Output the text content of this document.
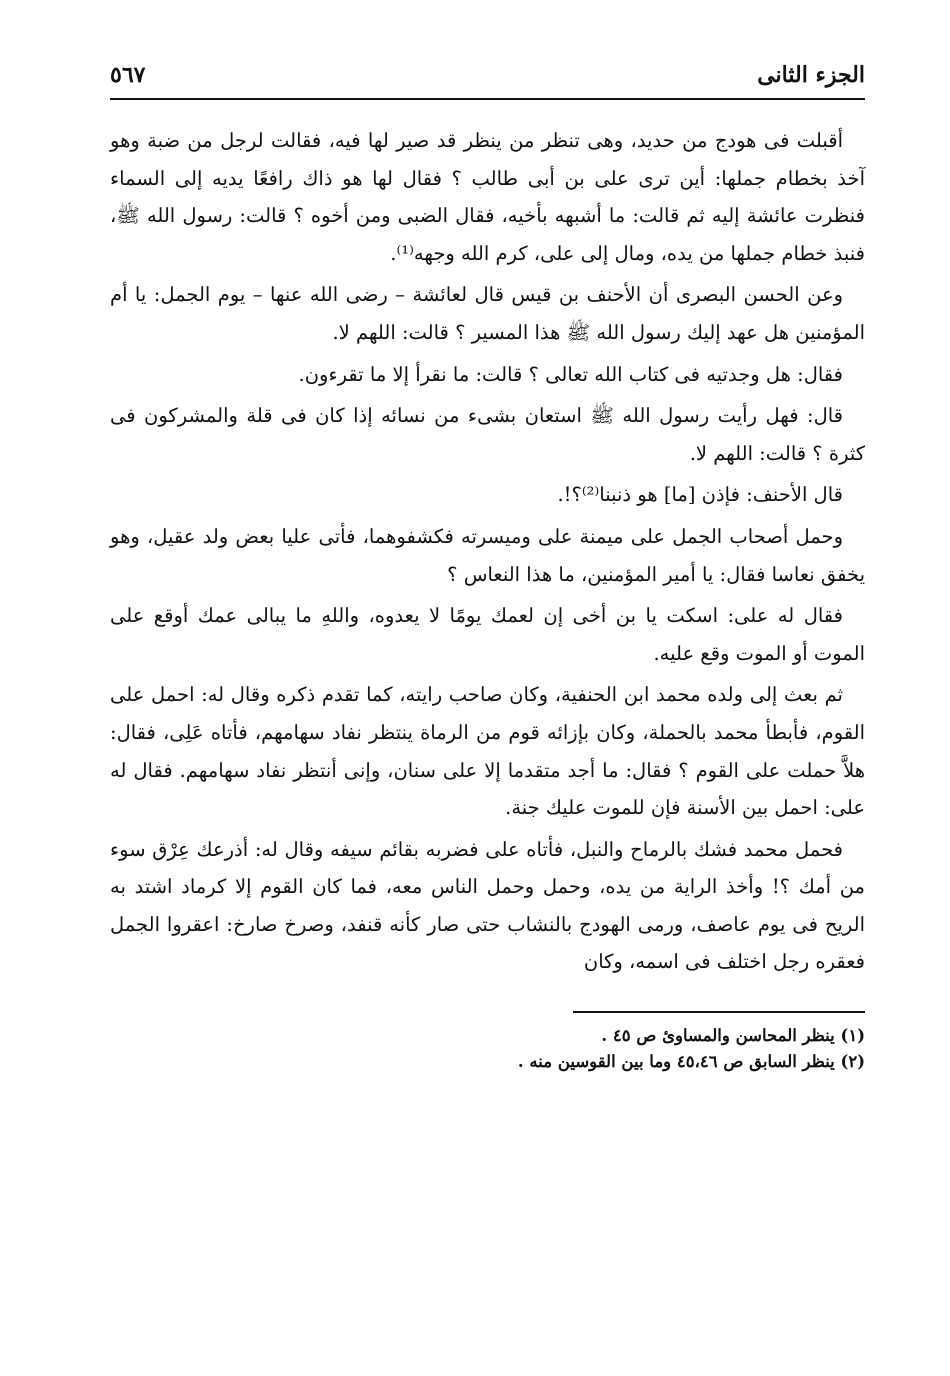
الجزء الثانى
٥٦٧

أقبلت فى هودج من حديد، وهى تنظر من ينظر قد صير لها فيه، فقالت لرجل من ضبة وهو آخذ بخطام جملها: أين ترى على بن أبى طالب ؟ فقال لها هو ذاك رافعًا يديه إلى السماء فنظرت عائشة إليه ثم قالت: ما أشبهه بأخيه، فقال الضبى ومن أخوه ؟ قالت: رسول الله ﷺ، فنبذ خطام جملها من يده، ومال إلى على، كرم الله وجهه⁽¹⁾.

وعن الحسن البصرى أن الأحنف بن قيس قال لعائشة – رضى الله عنها – يوم الجمل: يا أم المؤمنين هل عهد إليك رسول الله ﷺ هذا المسير ؟ قالت: اللهم لا.

فقال: هل وجدتيه فى كتاب الله تعالى ؟ قالت: ما نقرأ إلا ما تقرءون.

قال: فهل رأيت رسول الله ﷺ استعان بشىء من نسائه إذا كان فى قلة والمشركون فى كثرة ؟ قالت: اللهم لا.

قال الأحنف: فإذن [ما] هو ذنبنا⁽²⁾؟!.

وحمل أصحاب الجمل على ميمنة على وميسرته فكشفوهما، فأتى عليا بعض ولد عقيل، وهو يخفق نعاسا فقال: يا أمير المؤمنين، ما هذا النعاس ؟

فقال له على: اسكت يا بن أخى إن لعمك يومًا لا يعدوه، واللهِ ما يبالى عمك أوقع على الموت أو الموت وقع عليه.

ثم بعث إلى ولده محمد ابن الحنفية، وكان صاحب رايته، كما تقدم ذكره وقال له: احمل على القوم، فأبطأ محمد بالحملة، وكان بإزائه قوم من الرماة ينتظر نفاد سهامهم، فأتاه عَلِى، فقال: هلاَّ حملت على القوم ؟ فقال: ما أجد متقدما إلا على سنان، وإنى أنتظر نفاد سهامهم. فقال له على: احمل بين الأسنة فإن للموت عليك جنة.

فحمل محمد فشك بالرماح والنبل، فأتاه على فضربه بقائم سيفه وقال له: أذرعك عِرْق سوء من أمك ؟! وأخذ الراية من يده، وحمل وحمل الناس معه، فما كان القوم إلا كرماد اشتد به الريح فى يوم عاصف، ورمى الهودج بالنشاب حتى صار كأنه قنفد، وصرخ صارخ: اعقروا الجمل فعقره رجل اختلف فى اسمه، وكان

(١) ينظر المحاسن والمساوئ ص ٤٥ .

(٢) ينظر السابق ص ٤٥،٤٦ وما بين القوسين منه .
